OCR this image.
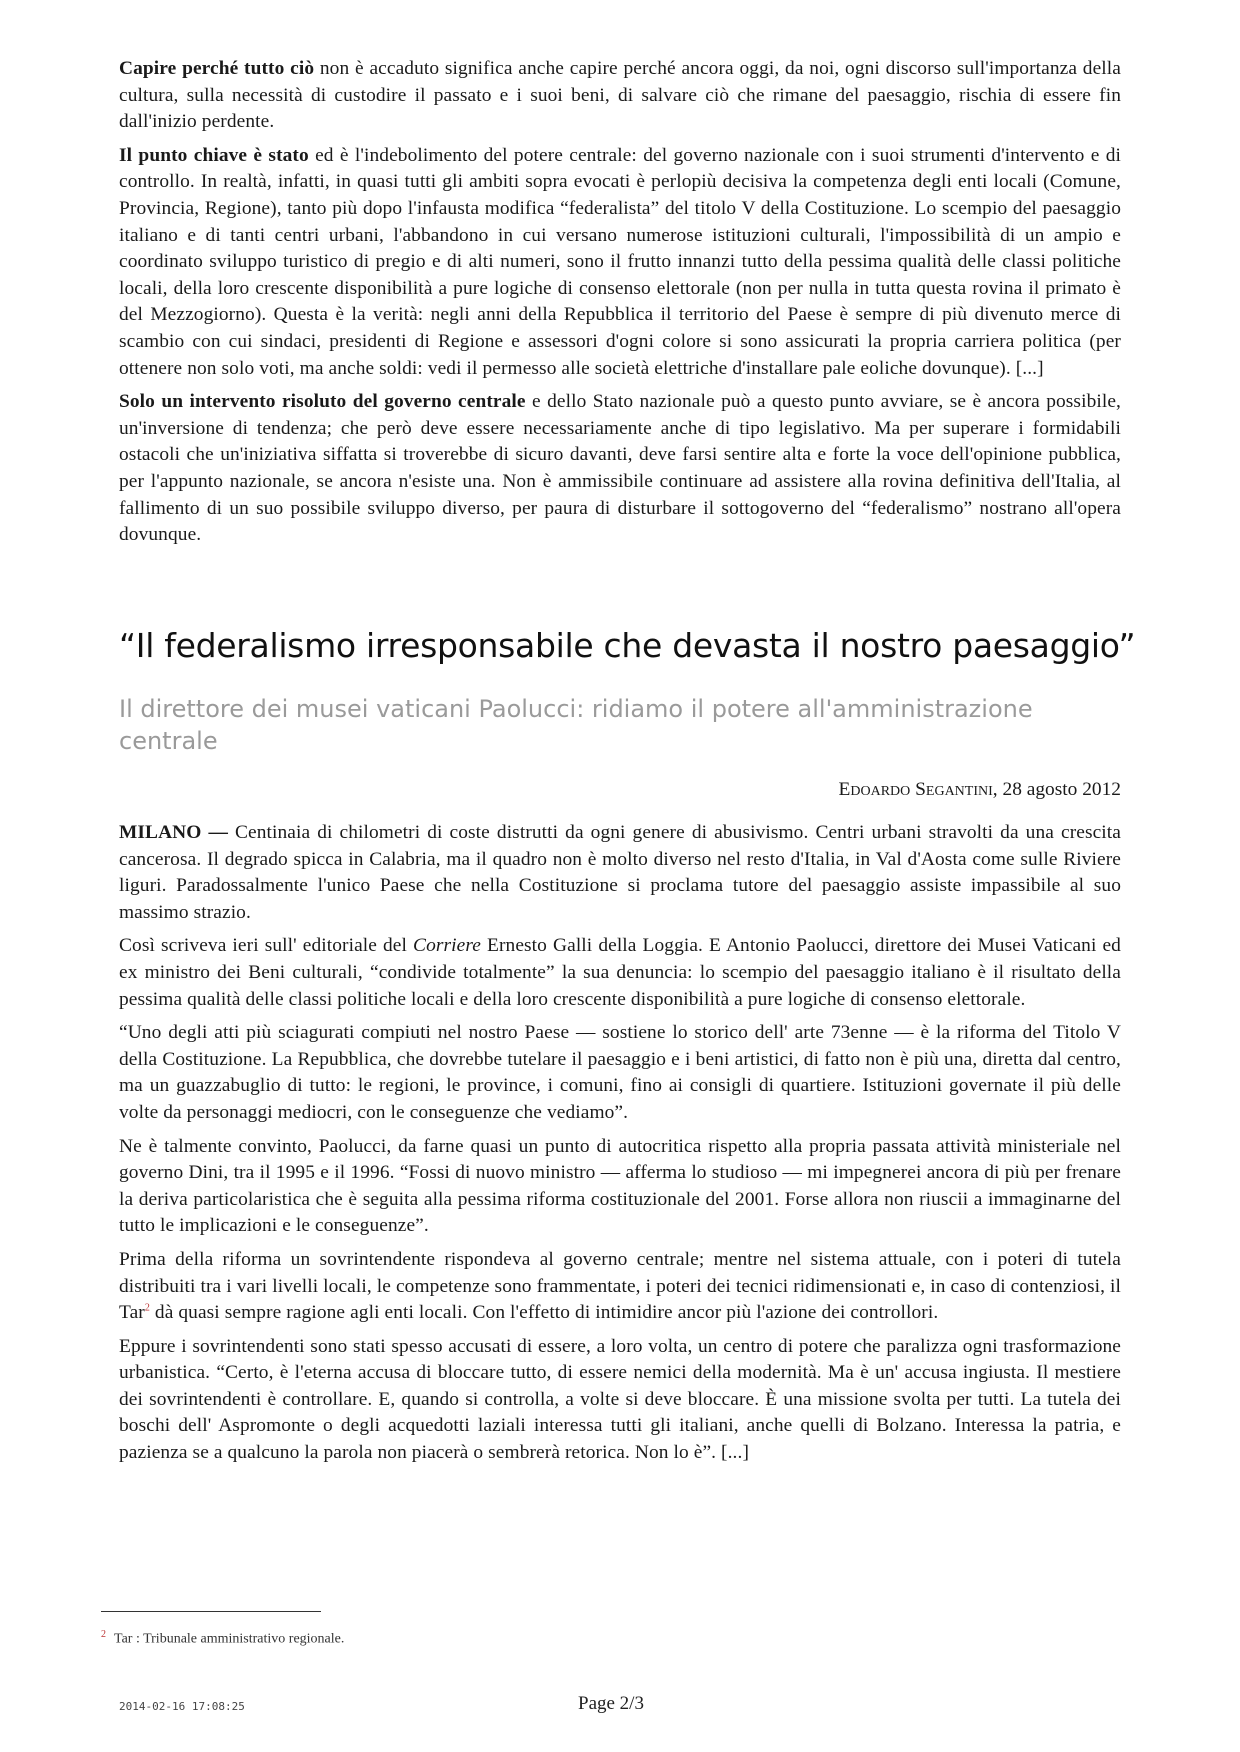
Capire perché tutto ciò non è accaduto significa anche capire perché ancora oggi, da noi, ogni discorso sull'importanza della cultura, sulla necessità di custodire il passato e i suoi beni, di salvare ciò che rimane del paesaggio, rischia di essere fin dall'inizio perdente.

Il punto chiave è stato ed è l'indebolimento del potere centrale: del governo nazionale con i suoi strumenti d'intervento e di controllo. In realtà, infatti, in quasi tutti gli ambiti sopra evocati è perlopiù decisiva la competenza degli enti locali (Comune, Provincia, Regione), tanto più dopo l'infausta modifica “federalista” del titolo V della Costituzione. Lo scempio del paesaggio italiano e di tanti centri urbani, l'abbandono in cui versano numerose istituzioni culturali, l'impossibilità di un ampio e coordinato sviluppo turistico di pregio e di alti numeri, sono il frutto innanzi tutto della pessima qualità delle classi politiche locali, della loro crescente disponibilità a pure logiche di consenso elettorale (non per nulla in tutta questa rovina il primato è del Mezzogiorno). Questa è la verità: negli anni della Repubblica il territorio del Paese è sempre di più divenuto merce di scambio con cui sindaci, presidenti di Regione e assessori d'ogni colore si sono assicurati la propria carriera politica (per ottenere non solo voti, ma anche soldi: vedi il permesso alle società elettriche d'installare pale eoliche dovunque). [...]

Solo un intervento risoluto del governo centrale e dello Stato nazionale può a questo punto avviare, se è ancora possibile, un'inversione di tendenza; che però deve essere necessariamente anche di tipo legislativo. Ma per superare i formidabili ostacoli che un'iniziativa siffatta si troverebbe di sicuro davanti, deve farsi sentire alta e forte la voce dell'opinione pubblica, per l'appunto nazionale, se ancora n'esiste una. Non è ammissibile continuare ad assistere alla rovina definitiva dell'Italia, al fallimento di un suo possibile sviluppo diverso, per paura di disturbare il sottogoverno del “federalismo” nostrano all'opera dovunque.

“Il federalismo irresponsabile che devasta il nostro paesaggio”
Il direttore dei musei vaticani Paolucci: ridiamo il potere all'amministrazione centrale
Edoardo Segantini, 28 agosto 2012

MILANO — Centinaia di chilometri di coste distrutti da ogni genere di abusivismo. Centri urbani stravolti da una crescita cancerosa. Il degrado spicca in Calabria, ma il quadro non è molto diverso nel resto d'Italia, in Val d'Aosta come sulle Riviere liguri. Paradossalmente l'unico Paese che nella Costituzione si proclama tutore del paesaggio assiste impassibile al suo massimo strazio.

Così scriveva ieri sull' editoriale del Corriere Ernesto Galli della Loggia. E Antonio Paolucci, direttore dei Musei Vaticani ed ex ministro dei Beni culturali, “condivide totalmente” la sua denuncia: lo scempio del paesaggio italiano è il risultato della pessima qualità delle classi politiche locali e della loro crescente disponibilità a pure logiche di consenso elettorale.

“Uno degli atti più sciagurati compiuti nel nostro Paese — sostiene lo storico dell' arte 73enne — è la riforma del Titolo V della Costituzione. La Repubblica, che dovrebbe tutelare il paesaggio e i beni artistici, di fatto non è più una, diretta dal centro, ma un guazzabuglio di tutto: le regioni, le province, i comuni, fino ai consigli di quartiere. Istituzioni governate il più delle volte da personaggi mediocri, con le conseguenze che vediamo”.

Ne è talmente convinto, Paolucci, da farne quasi un punto di autocritica rispetto alla propria passata attività ministeriale nel governo Dini, tra il 1995 e il 1996. “Fossi di nuovo ministro — afferma lo studioso — mi impegnerei ancora di più per frenare la deriva particolaristica che è seguita alla pessima riforma costituzionale del 2001. Forse allora non riuscii a immaginarne del tutto le implicazioni e le conseguenze”.

Prima della riforma un sovrintendente rispondeva al governo centrale; mentre nel sistema attuale, con i poteri di tutela distribuiti tra i vari livelli locali, le competenze sono frammentate, i poteri dei tecnici ridimensionati e, in caso di contenziosi, il Tar$^2$ dà quasi sempre ragione agli enti locali. Con l'effetto di intimidire ancor più l'azione dei controllori.

Eppure i sovrintendenti sono stati spesso accusati di essere, a loro volta, un centro di potere che paralizza ogni trasformazione urbanistica. “Certo, è l'eterna accusa di bloccare tutto, di essere nemici della modernità. Ma è un' accusa ingiusta. Il mestiere dei sovrintendenti è controllare. E, quando si controlla, a volte si deve bloccare. È una missione svolta per tutti. La tutela dei boschi dell' Aspromonte o degli acquedotti laziali interessa tutti gli italiani, anche quelli di Bolzano. Interessa la patria, e pazienza se a qualcuno la parola non piacerà o sembrerà retorica. Non lo è”. [...]

$^2$ Tar : Tribunale amministrativo regionale.
2014-02-16 17:08:25	Page 2/3
